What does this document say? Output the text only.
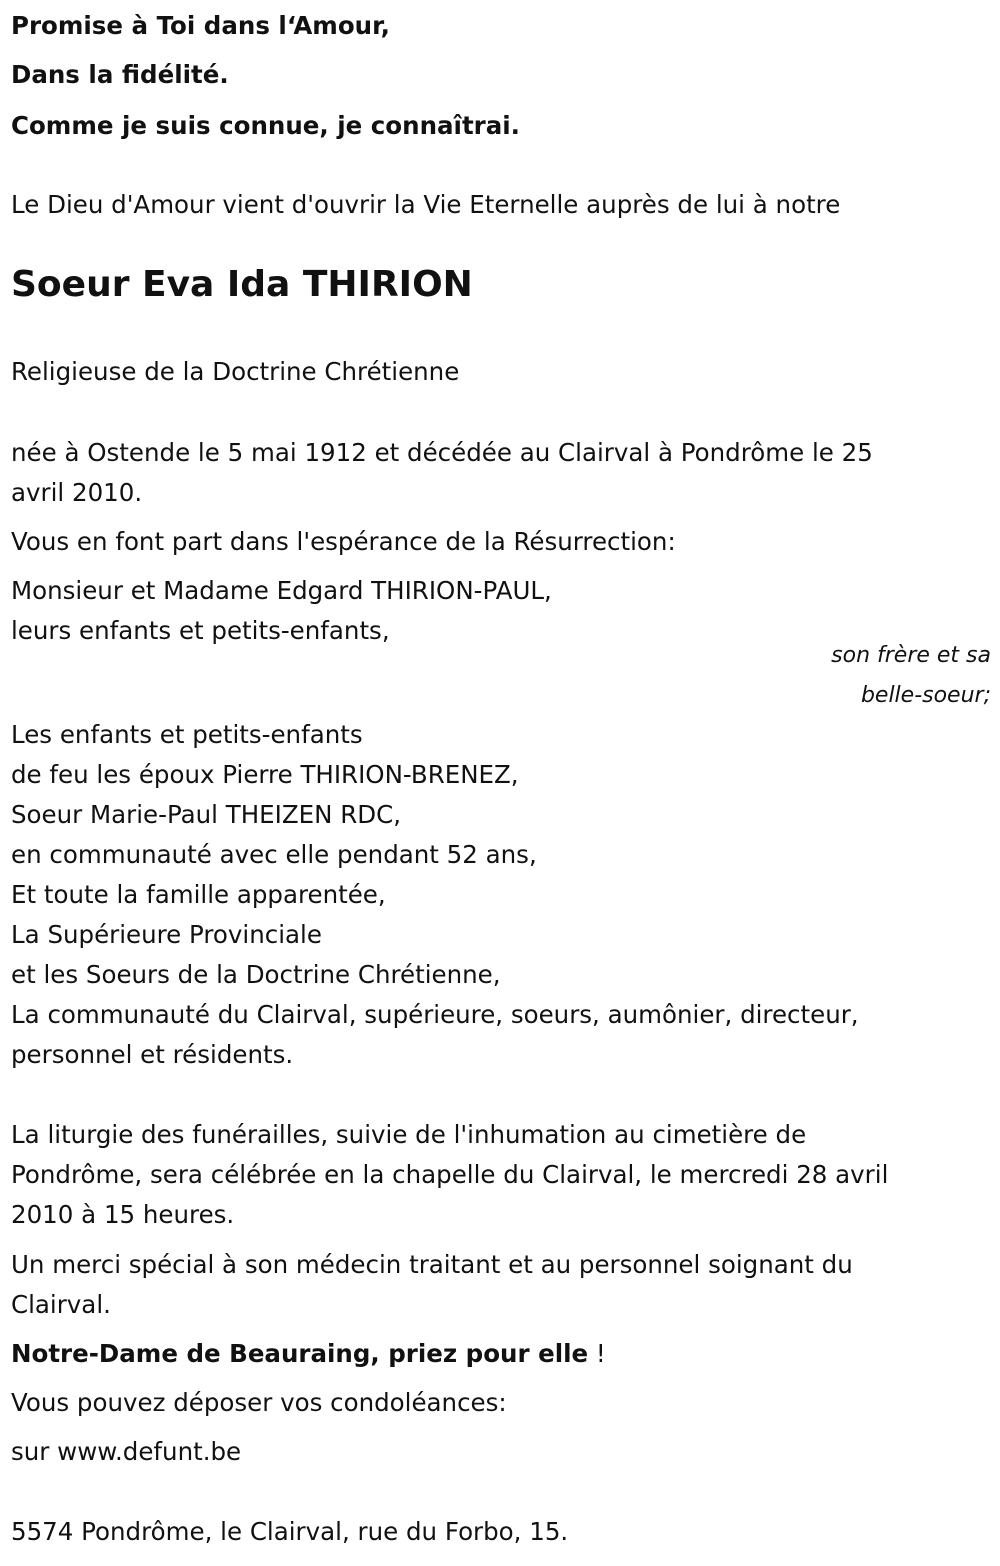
Promise à Toi dans l‘Amour,
Dans la fidélité.
Comme je suis connue, je connaîtrai.
Le Dieu d'Amour vient d'ouvrir la Vie Eternelle auprès de lui à notre
Soeur Eva Ida THIRION
Religieuse de la Doctrine Chrétienne
née à Ostende le 5 mai 1912 et décédée au Clairval à Pondrôme le 25
avril 2010.
Vous en font part dans l'espérance de la Résurrection:
Monsieur et Madame Edgard THIRION-PAUL,
leurs enfants et petits-enfants,
son frère et sa
belle-soeur;
Les enfants et petits-enfants
de feu les époux Pierre THIRION-BRENEZ,
Soeur Marie-Paul THEIZEN RDC,
en communauté avec elle pendant 52 ans,
Et toute la famille apparentée,
La Supérieure Provinciale
et les Soeurs de la Doctrine Chrétienne,
La communauté du Clairval, supérieure, soeurs, aumônier, directeur,
personnel et résidents.
La liturgie des funérailles, suivie de l'inhumation au cimetière de
Pondrôme, sera célébrée en la chapelle du Clairval, le mercredi 28 avril
2010 à 15 heures.
Un merci spécial à son médecin traitant et au personnel soignant du
Clairval.
Notre-Dame de Beauraing, priez pour elle !
Vous pouvez déposer vos condoléances:
sur www.defunt.be
5574 Pondrôme, le Clairval, rue du Forbo, 15.
